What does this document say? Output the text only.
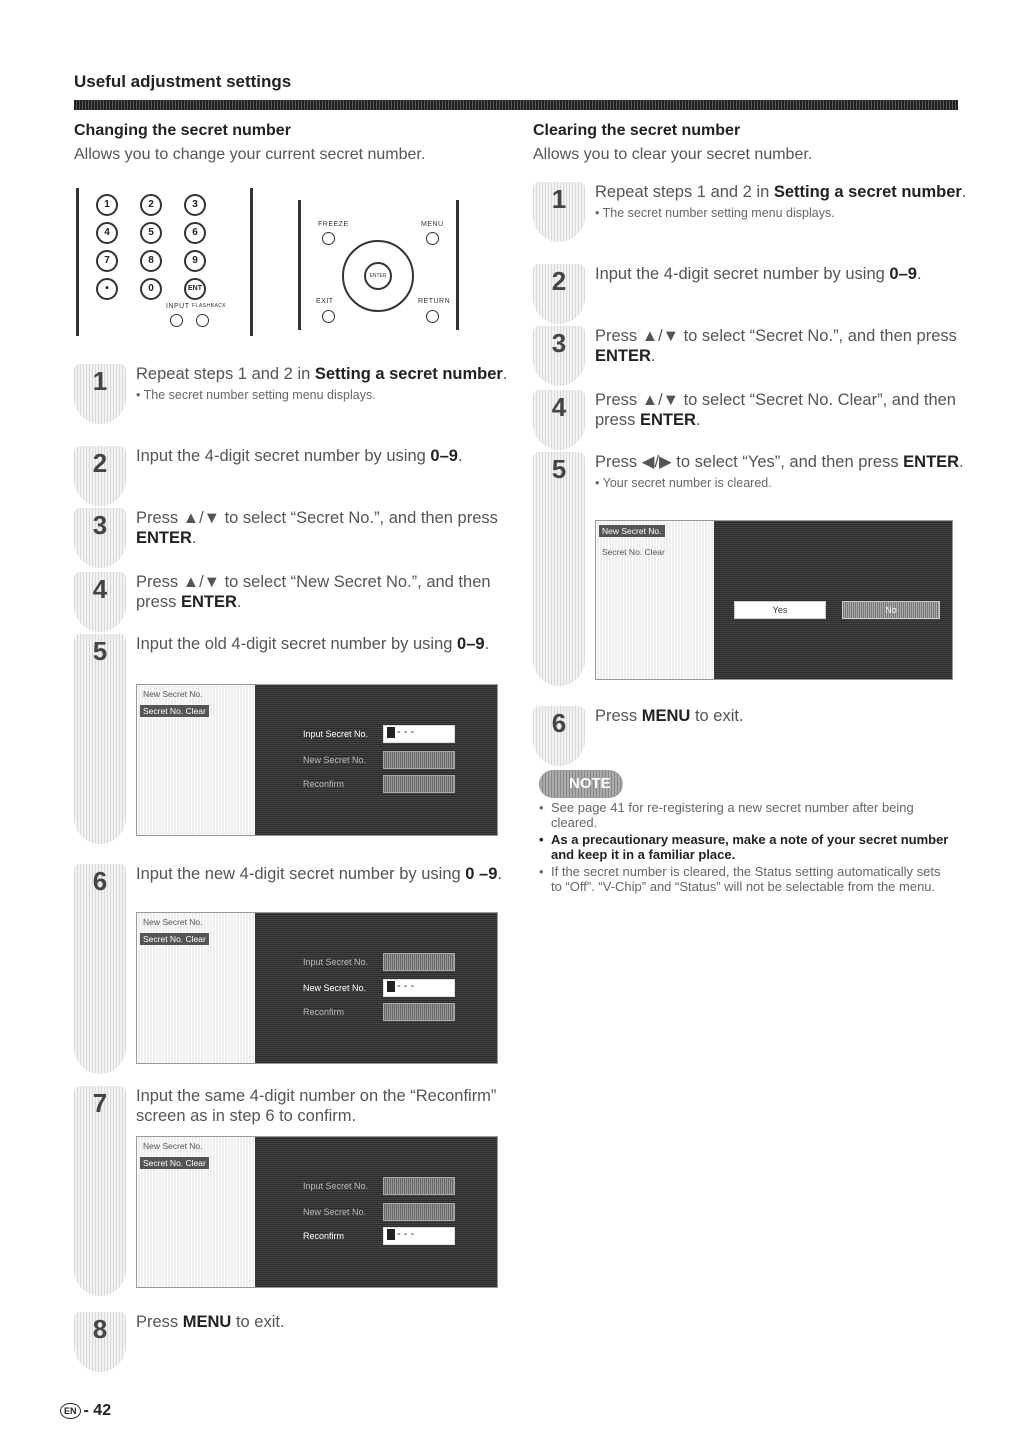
Useful adjustment settings
Changing the secret number
Allows you to change your current secret number.
1	2	3
4	5	6
7	8	9
•	0	ENT
INPUT FLASHBACK
FREEZE	MENU
ENTER
EXIT	RETURN
1	Repeat steps 1 and 2 in Setting a secret number.
• The secret number setting menu displays.
2	Input the 4-digit secret number by using 0–9.
3	Press ▲/▼ to select “Secret No.”, and then press ENTER.
4	Press ▲/▼ to select “New Secret No.”, and then press ENTER.
5	Input the old 4-digit secret number by using 0–9.
New Secret No.
Secret No. Clear
Input Secret No.	- - -
New Secret No.
Reconfirm
6	Input the new 4-digit secret number by using 0 –9.
New Secret No.
Secret No. Clear
Input Secret No.
New Secret No.	- - -
Reconfirm
7	Input the same 4-digit number on the “Reconfirm” screen as in step 6 to confirm.
New Secret No.
Secret No. Clear
Input Secret No.
New Secret No.
Reconfirm	- - -
8	Press MENU to exit.
Clearing the secret number
Allows you to clear your secret number.
1	Repeat steps 1 and 2 in Setting a secret number.
• The secret number setting menu displays.
2	Input the 4-digit secret number by using 0–9.
3	Press ▲/▼ to select “Secret No.”, and then press ENTER.
4	Press ▲/▼ to select “Secret No. Clear”, and then press ENTER.
5	Press ◀/▶ to select “Yes”, and then press ENTER.
• Your secret number is cleared.
New Secret No.
Secret No. Clear
Yes	No
6	Press MENU to exit.
NOTE
• See page 41 for re-registering a new secret number after being cleared.
• As a precautionary measure, make a note of your secret number and keep it in a familiar place.
• If the secret number is cleared, the Status setting automatically sets to “Off”. “V-Chip” and “Status” will not be selectable from the menu.
EN - 42
